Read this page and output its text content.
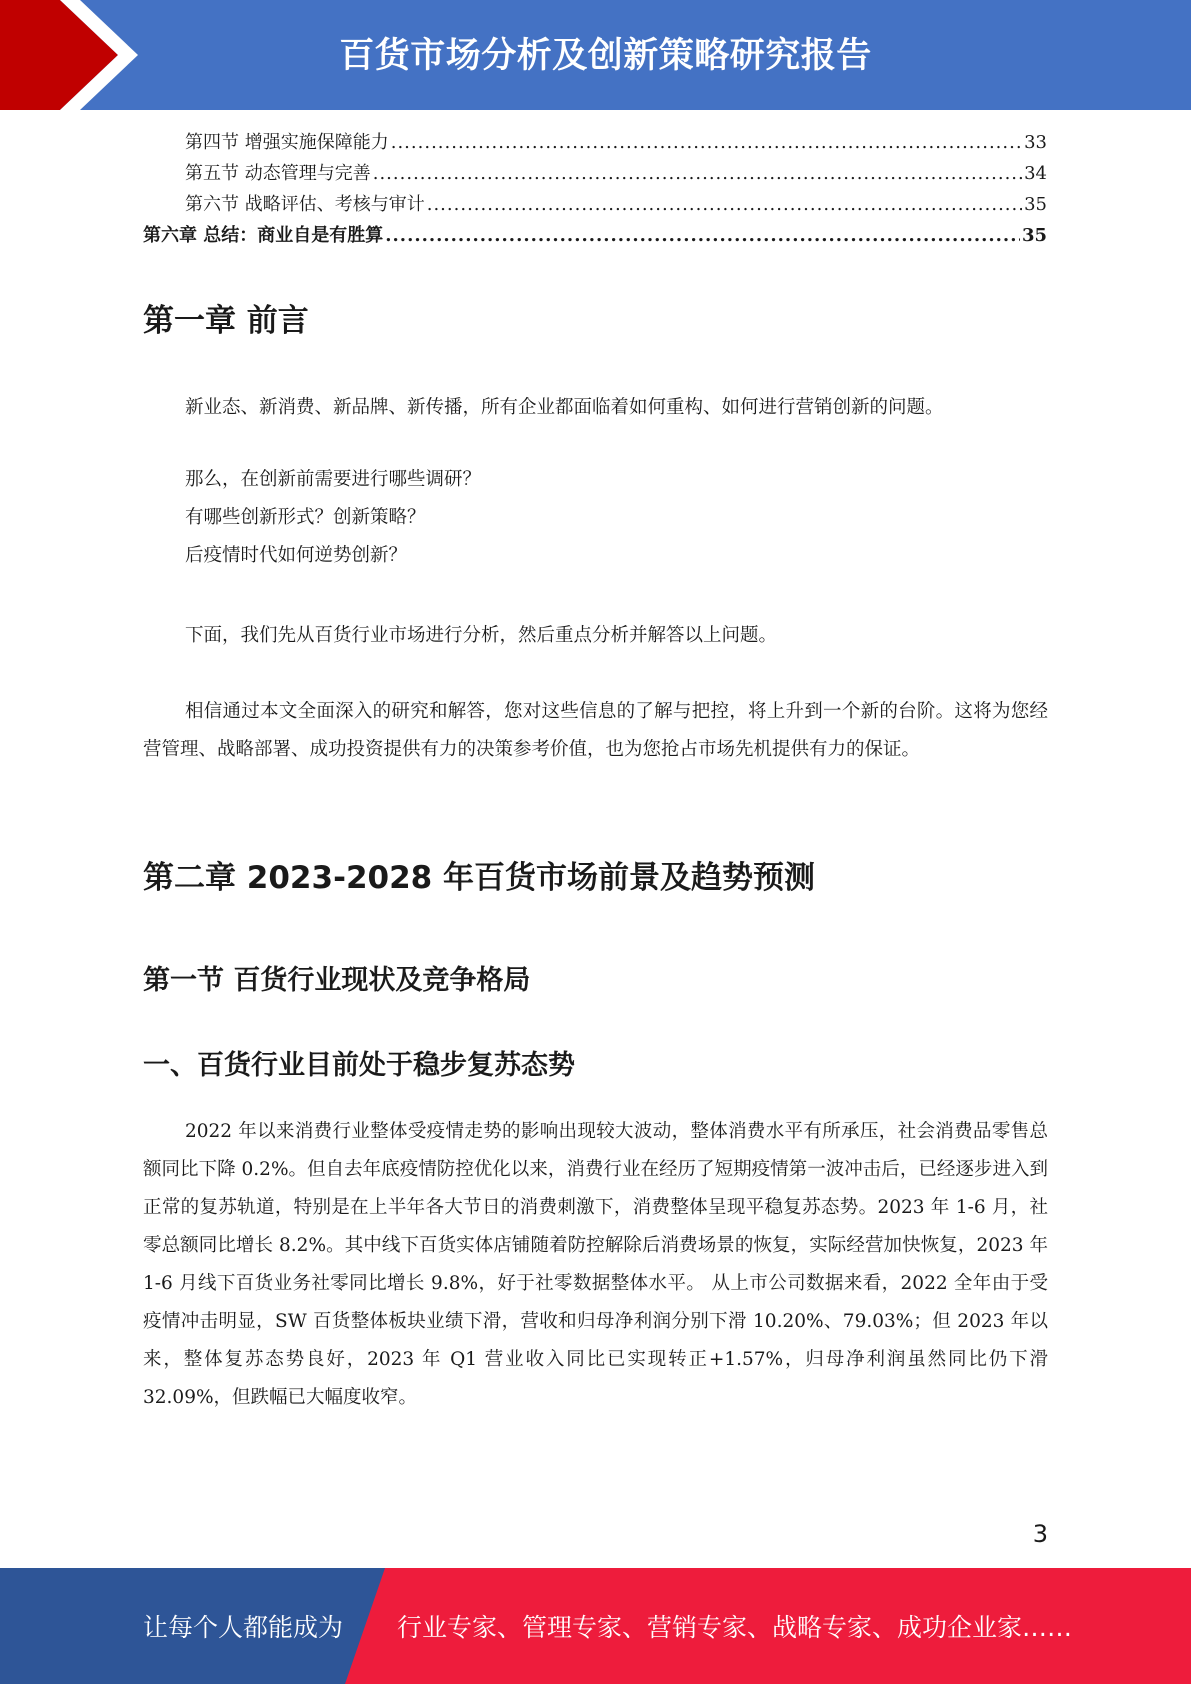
百货市场分析及创新策略研究报告
第四节 增强实施保障能力 .....	33
第五节 动态管理与完善 .....	34
第六节 战略评估、考核与审计 .....	35
第六章 总结：商业自是有胜算 .....	35
第一章 前言

新业态、新消费、新品牌、新传播，所有企业都面临着如何重构、如何进行营销创新的问题。

那么，在创新前需要进行哪些调研？

有哪些创新形式？创新策略？

后疫情时代如何逆势创新？

下面，我们先从百货行业市场进行分析，然后重点分析并解答以上问题。

相信通过本文全面深入的研究和解答，您对这些信息的了解与把控，将上升到一个新的台阶。这将为您经营管理、战略部署、成功投资提供有力的决策参考价值，也为您抢占市场先机提供有力的保证。

第二章 2023-2028 年百货市场前景及趋势预测
第一节 百货行业现状及竞争格局
一、百货行业目前处于稳步复苏态势

2022 年以来消费行业整体受疫情走势的影响出现较大波动，整体消费水平有所承压，社会消费品零售总额同比下降 0.2%。但自去年底疫情防控优化以来，消费行业在经历了短期疫情第一波冲击后，已经逐步进入到正常的复苏轨道，特别是在上半年各大节日的消费刺激下，消费整体呈现平稳复苏态势。2023 年 1-6 月，社零总额同比增长 8.2%。其中线下百货实体店铺随着防控解除后消费场景的恢复，实际经营加快恢复，2023 年 1-6 月线下百货业务社零同比增长 9.8%，好于社零数据整体水平。 从上市公司数据来看，2022 全年由于受疫情冲击明显，SW 百货整体板块业绩下滑，营收和归母净利润分别下滑 10.20%、79.03%；但 2023 年以来，整体复苏态势良好，2023 年 Q1 营业收入同比已实现转正+1.57%，归母净利润虽然同比仍下滑 32.09%，但跌幅已大幅度收窄。

3
让每个人都能成为 行业专家、管理专家、营销专家、战略专家、成功企业家……
